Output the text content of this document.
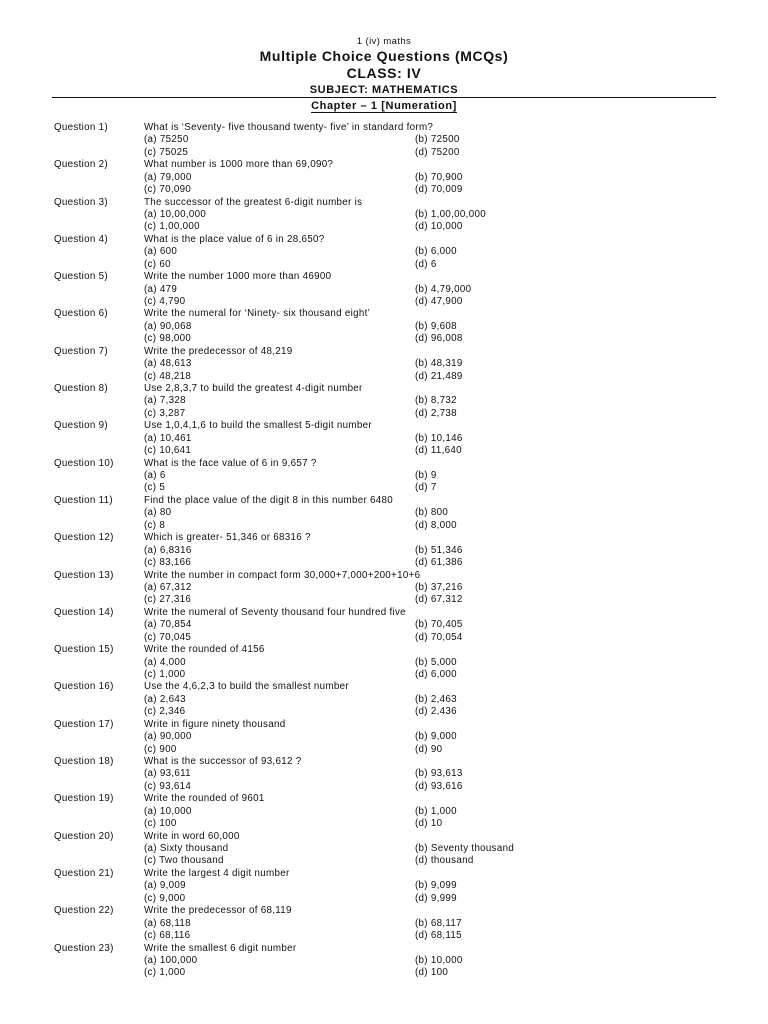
1 (iv) maths
Multiple Choice Questions (MCQs)
CLASS: IV
SUBJECT: MATHEMATICS
Chapter – 1 [Numeration]
Question 1)	What is ‘Seventy- five thousand twenty- five’ in standard form?
(a) 75250	(b) 72500
(c) 75025	(d) 75200
Question 2)	What number is 1000 more than 69,090?
(a) 79,000	(b) 70,900
(c) 70,090	(d) 70,009
Question 3)	The successor of the greatest 6-digit number is
(a) 10,00,000	(b) 1,00,00,000
(c) 1,00,000	(d) 10,000
Question 4)	What is the place value of 6 in 28,650?
(a) 600	(b) 6,000
(c) 60	(d) 6
Question 5)	Write the number 1000 more than 46900
(a) 479	(b) 4,79,000
(c) 4,790	(d) 47,900
Question 6)	Write the numeral for ‘Ninety- six thousand eight’
(a) 90,068	(b) 9,608
(c) 98,000	(d) 96,008
Question 7)	Write the predecessor of 48,219
(a) 48,613	(b) 48,319
(c) 48,218	(d) 21,489
Question 8)	Use 2,8,3,7 to build the greatest 4-digit number
(a) 7,328	(b) 8,732
(c) 3,287	(d) 2,738
Question 9)	Use 1,0,4,1,6 to build the smallest 5-digit number
(a) 10,461	(b) 10,146
(c) 10,641	(d) 11,640
Question 10)	What is the face value of 6 in 9,657 ?
(a) 6	(b) 9
(c) 5	(d) 7
Question 11)	Find the place value of the digit 8 in this number 6480
(a) 80	(b) 800
(c) 8	(d) 8,000
Question 12)	Which is greater- 51,346 or 68316 ?
(a) 6,8316	(b) 51,346
(c) 83,166	(d) 61,386
Question 13)	Write the number in compact form 30,000+7,000+200+10+6
(a) 67,312	(b) 37,216
(c) 27,316	(d) 67,312
Question 14)	Write the numeral of Seventy thousand four hundred five
(a) 70,854	(b) 70,405
(c) 70,045	(d) 70,054
Question 15)	Write the rounded of 4156
(a) 4,000	(b) 5,000
(c) 1,000	(d) 6,000
Question 16)	Use the 4,6,2,3 to build the smallest number
(a) 2,643	(b) 2,463
(c) 2,346	(d) 2,436
Question 17)	Write in figure ninety thousand
(a) 90,000	(b) 9,000
(c) 900	(d) 90
Question 18)	What is the successor of 93,612 ?
(a) 93,611	(b) 93,613
(c) 93,614	(d) 93,616
Question 19)	Write the rounded of 9601
(a) 10,000	(b) 1,000
(c) 100	(d) 10
Question 20)	Write in word 60,000
(a) Sixty thousand	(b) Seventy thousand
(c) Two thousand	(d) thousand
Question 21)	Write the largest 4 digit number
(a) 9,009	(b) 9,099
(c) 9,000	(d) 9,999
Question 22)	Write the predecessor of 68,119
(a) 68,118	(b) 68,117
(c) 68,116	(d) 68,115
Question 23)	Write the smallest 6 digit number
(a) 100,000	(b) 10,000
(c) 1,000	(d) 100
